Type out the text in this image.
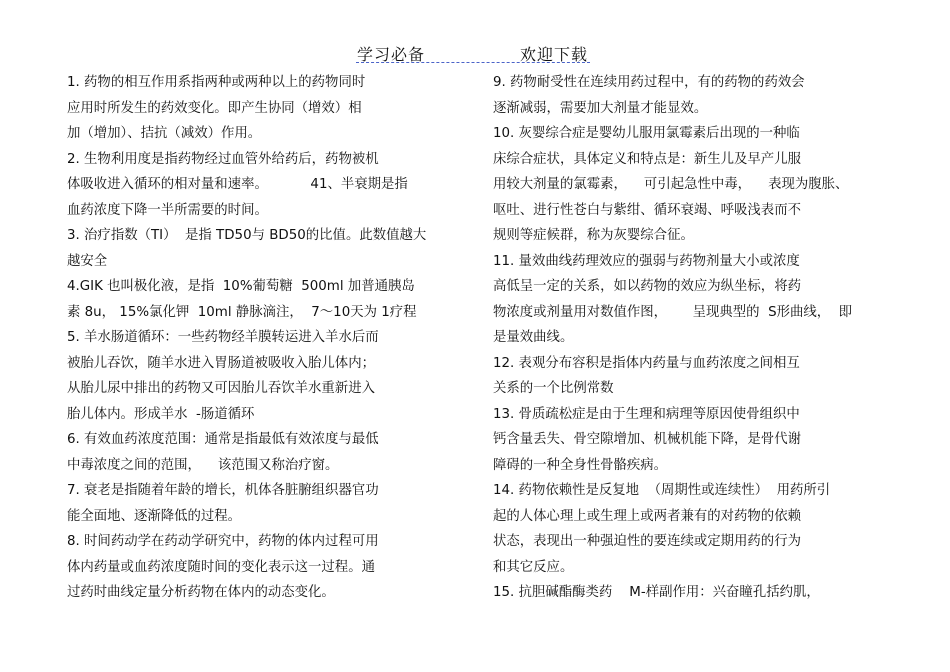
学习必备	欢迎下载
1. 药物的相互作用系指两种或两种以上的药物同时
应用时所发生的药效变化。即产生协同（增效）相
加（增加）、拮抗（减效）作用。
2. 生物利用度是指药物经过血管外给药后，药物被机
体吸收进入循环的相对量和速率。          41、半衰期是指
血药浓度下降一半所需要的时间。
3. 治疗指数（TI）  是指 TD50与 BD50的比值。此数值越大
越安全
4.GIK 也叫极化液，是指  10%葡萄糖  500ml 加普通胰岛
素 8u， 15%氯化钾  10ml 静脉滴注，  7～10天为 1疗程
5. 羊水肠道循环：一些药物经羊膜转运进入羊水后而
被胎儿吞饮，随羊水进入胃肠道被吸收入胎儿体内；
从胎儿尿中排出的药物又可因胎儿吞饮羊水重新进入
胎儿体内。形成羊水  -肠道循环
6. 有效血药浓度范围：通常是指最低有效浓度与最低
中毒浓度之间的范围，    该范围又称治疗窗。
7. 衰老是指随着年龄的增长，机体各脏腑组织器官功
能全面地、逐渐降低的过程。
8. 时间药动学在药动学研究中，药物的体内过程可用
体内药量或血药浓度随时间的变化表示这一过程。通
过药时曲线定量分析药物在体内的动态变化。
9. 药物耐受性在连续用药过程中，有的药物的药效会
逐渐减弱，需要加大剂量才能显效。
10. 灰婴综合症是婴幼儿服用氯霉素后出现的一种临
床综合症状，具体定义和特点是：新生儿及早产儿服
用较大剂量的氯霉素，    可引起急性中毒，    表现为腹胀、
呕吐、进行性苍白与紫绀、循环衰竭、呼吸浅表而不
规则等症候群，称为灰婴综合征。
11. 量效曲线药理效应的强弱与药物剂量大小或浓度
高低呈一定的关系，如以药物的效应为纵坐标，将药
物浓度或剂量用对数值作图，      呈现典型的  S形曲线，  即
是量效曲线。
12. 表观分布容积是指体内药量与血药浓度之间相互
关系的一个比例常数
13. 骨质疏松症是由于生理和病理等原因使骨组织中
钙含量丢失、骨空隙增加、机械机能下降，是骨代谢
障碍的一种全身性骨骼疾病。
14. 药物依赖性是反复地  （周期性或连续性）  用药所引
起的人体心理上或生理上或两者兼有的对药物的依赖
状态，表现出一种强迫性的要连续或定期用药的行为
和其它反应。
15. 抗胆碱酯酶类药    M-样副作用：兴奋瞳孔括约肌，
